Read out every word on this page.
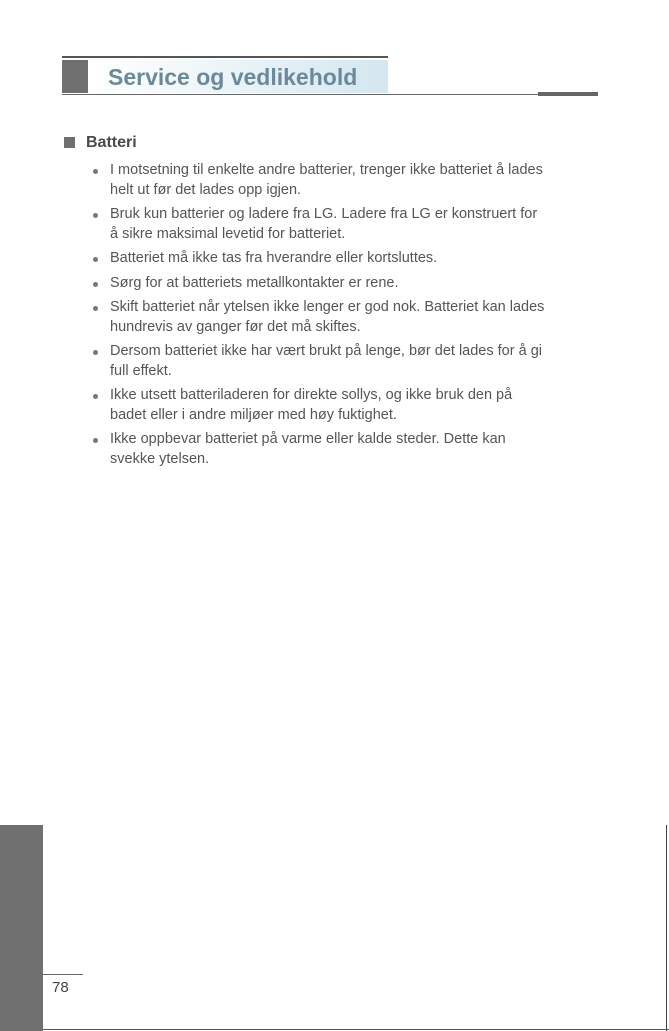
Service og vedlikehold
Batteri
I motsetning til enkelte andre batterier, trenger ikke batteriet å lades
helt ut før det lades opp igjen.
Bruk kun batterier og ladere fra LG. Ladere fra LG er konstruert for
å sikre maksimal levetid for batteriet.
Batteriet må ikke tas fra hverandre eller kortsluttes.
Sørg for at batteriets metallkontakter er rene.
Skift batteriet når ytelsen ikke lenger er god nok. Batteriet kan lades
hundrevis av ganger før det må skiftes.
Dersom batteriet ikke har vært brukt på lenge, bør det lades for å gi
full effekt.
Ikke utsett batteriladeren for direkte sollys, og ikke bruk den på
badet eller i andre miljøer med høy fuktighet.
Ikke oppbevar batteriet på varme eller kalde steder. Dette kan
svekke ytelsen.
78
